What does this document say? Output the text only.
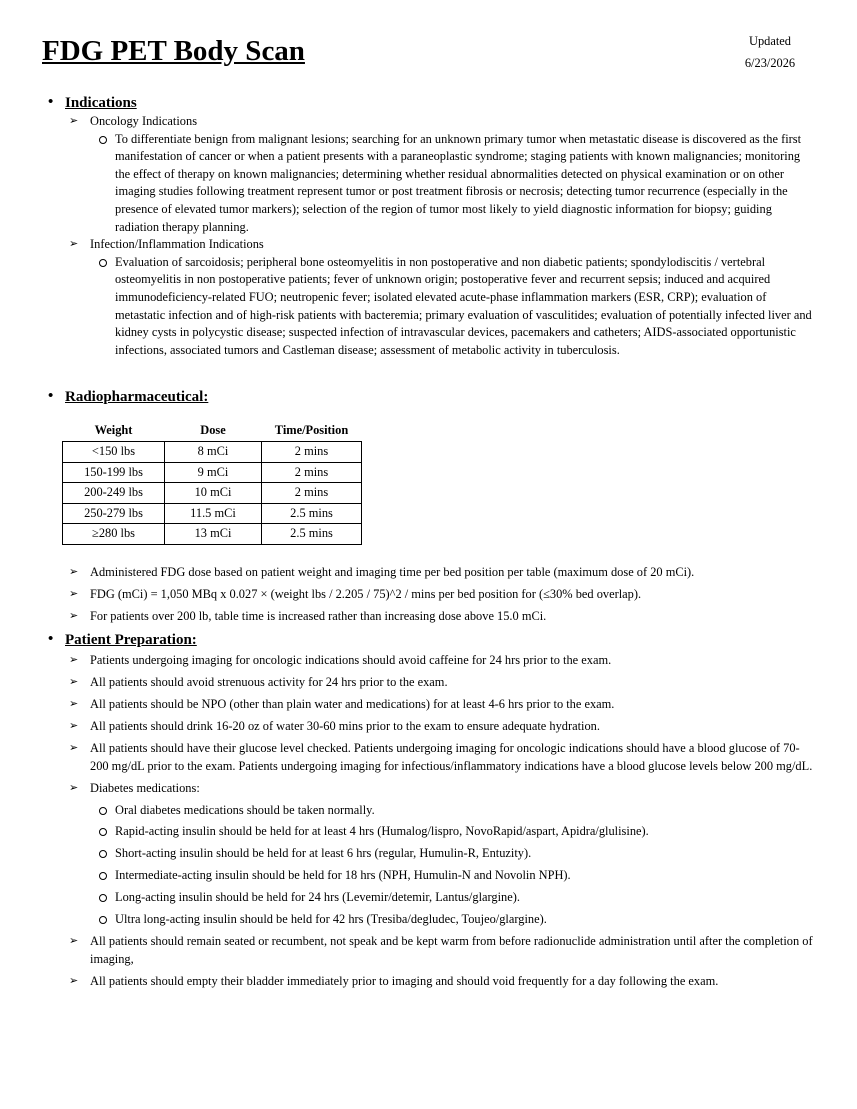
FDG PET Body Scan	Updated
6/23/2026
• Indications
➢ Oncology Indications
To differentiate benign from malignant lesions; searching for an unknown primary tumor when metastatic disease is discovered as the first manifestation of cancer or when a patient presents with a paraneoplastic syndrome; staging patients with known malignancies; monitoring the effect of therapy on known malignancies; determining whether residual abnormalities detected on physical examination or on other imaging studies following treatment represent tumor or post treatment fibrosis or necrosis; detecting tumor recurrence (especially in the presence of elevated tumor markers); selection of the region of tumor most likely to yield diagnostic information for biopsy; guiding radiation therapy planning.
➢ Infection/Inflammation Indications
Evaluation of sarcoidosis; peripheral bone osteomyelitis in non postoperative and non diabetic patients; spondylodiscitis / vertebral osteomyelitis in non postoperative patients; fever of unknown origin; postoperative fever and recurrent sepsis; induced and acquired immunodeficiency-related FUO; neutropenic fever; isolated elevated acute-phase inflammation markers (ESR, CRP); evaluation of metastatic infection and of high-risk patients with bacteremia; primary evaluation of vasculitides; evaluation of potentially infected liver and kidney cysts in polycystic disease; suspected infection of intravascular devices, pacemakers and catheters; AIDS-associated opportunistic infections, associated tumors and Castleman disease; assessment of metabolic activity in tuberculosis.
• Radiopharmaceutical:
Weight	Dose	Time/Position
<150 lbs	8 mCi	2 mins
150-199 lbs	9 mCi	2 mins
200-249 lbs	10 mCi	2 mins
250-279 lbs	11.5 mCi	2.5 mins
≥280 lbs	13 mCi	2.5 mins
➢ Administered FDG dose based on patient weight and imaging time per bed position per table (maximum dose of 20 mCi).
➢ FDG (mCi) = 1,050 MBq x 0.027 × (weight lbs / 2.205 / 75)^2 / mins per bed position for (≤30% bed overlap).
➢ For patients over 200 lb, table time is increased rather than increasing dose above 15.0 mCi.
• Patient Preparation:
➢ Patients undergoing imaging for oncologic indications should avoid caffeine for 24 hrs prior to the exam.
➢ All patients should avoid strenuous activity for 24 hrs prior to the exam.
➢ All patients should be NPO (other than plain water and medications) for at least 4-6 hrs prior to the exam.
➢ All patients should drink 16-20 oz of water 30-60 mins prior to the exam to ensure adequate hydration.
➢ All patients should have their glucose level checked. Patients undergoing imaging for oncologic indications should have a blood glucose of 70-200 mg/dL prior to the exam. Patients undergoing imaging for infectious/inflammatory indications have a blood glucose levels below 200 mg/dL.
➢ Diabetes medications:
Oral diabetes medications should be taken normally.
Rapid-acting insulin should be held for at least 4 hrs (Humalog/lispro, NovoRapid/aspart, Apidra/glulisine).
Short-acting insulin should be held for at least 6 hrs (regular, Humulin-R, Entuzity).
Intermediate-acting insulin should be held for 18 hrs (NPH, Humulin-N and Novolin NPH).
Long-acting insulin should be held for 24 hrs (Levemir/detemir, Lantus/glargine).
Ultra long-acting insulin should be held for 42 hrs (Tresiba/degludec, Toujeo/glargine).
➢ All patients should remain seated or recumbent, not speak and be kept warm from before radionuclide administration until after the completion of imaging,
➢ All patients should empty their bladder immediately prior to imaging and should void frequently for a day following the exam.
